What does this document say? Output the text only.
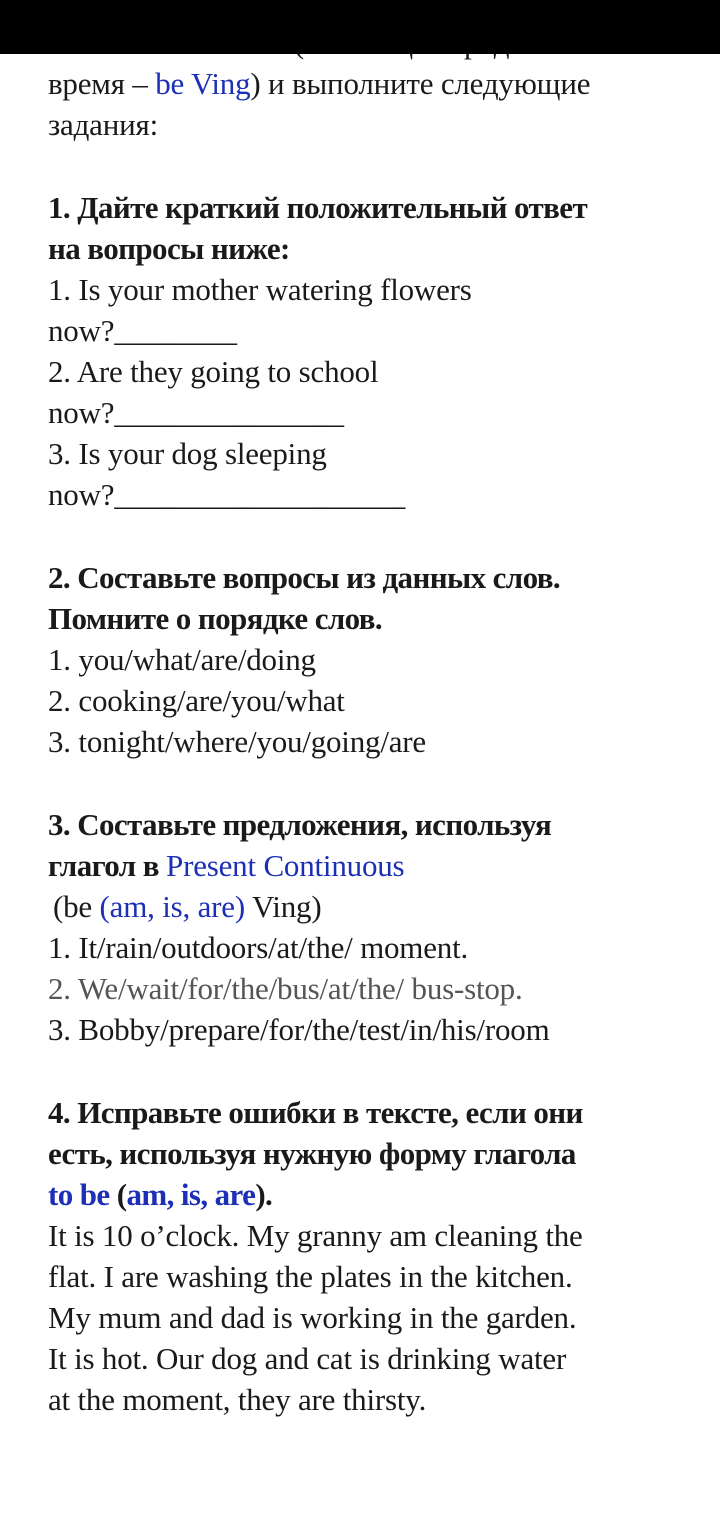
время – be Ving) и выполните следующие
задания:
1. Дайте краткий положительный ответ
на вопросы ниже:
1. Is your mother watering flowers
now?________
2. Are they going to school
now?_______________
3. Is your dog sleeping
now?___________________
2. Составьте вопросы из данных слов.
Помните о порядке слов.
1. you/what/are/doing
2. cooking/are/you/what
3. tonight/where/you/going/are
3. Составьте предложения, используя
глагол в Present Continuous
(be (am, is, are) Ving)
1. It/rain/outdoors/at/the/ moment.
2. We/wait/for/the/bus/at/the/ bus-stop.
3. Bobby/prepare/for/the/test/in/his/room
4. Исправьте ошибки в тексте, если они
есть, используя нужную форму глагола
to be (am, is, are).
It is 10 o’clock. My granny am cleaning the
flat. I are washing the plates in the kitchen.
My mum and dad is working in the garden.
It is hot. Our dog and cat is drinking water
at the moment, they are thirsty.
